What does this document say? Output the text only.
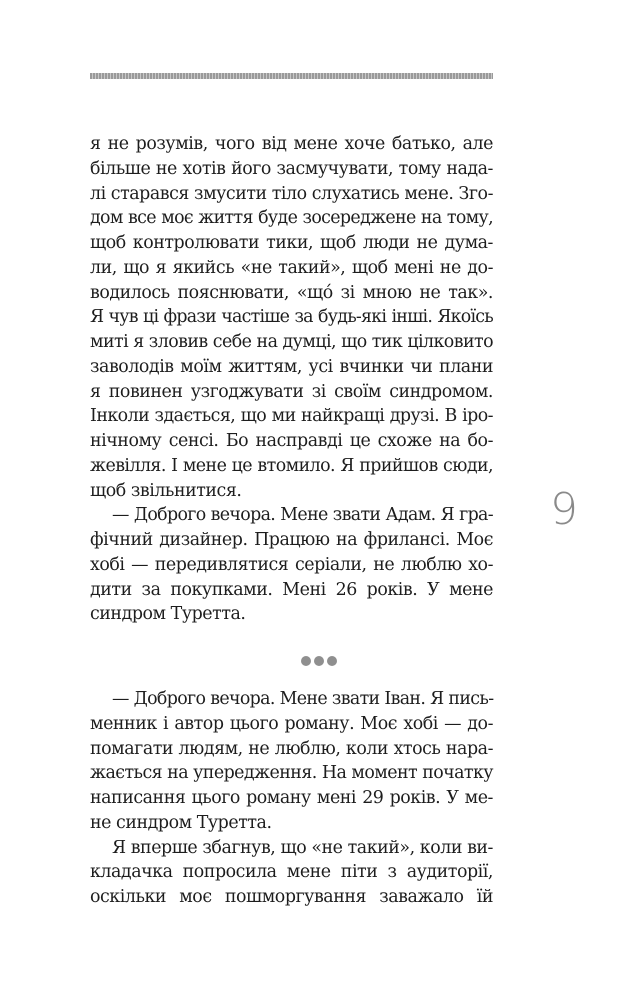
я не розумів, чого від мене хоче батько, але
більше не хотів його засмучувати, тому нада-
лі старався змусити тіло слухатись мене. Зго-
дом все моє життя буде зосереджене на тому,
щоб контролювати тики, щоб люди не дума-
ли, що я якийсь «не такий», щоб мені не до-
водилось пояснювати, «щó зі мною не так».
Я чув ці фрази частіше за будь-які інші. Якоїсь
миті я зловив себе на думці, що тик цілковито
заволодів моїм життям, усі вчинки чи плани
я повинен узгоджувати зі своїм синдромом.
Інколи здається, що ми найкращі друзі. В іро-
нічному сенсі. Бо насправді це схоже на бо-
жевілля. І мене це втомило. Я прийшов сюди,
щоб звільнитися.
— Доброго вечора. Мене звати Адам. Я гра-
фічний дизайнер. Працюю на фрилансі. Моє
хобі — передивлятися серіали, не люблю хо-
дити за покупками. Мені 26 років. У мене
синдром Туретта.
9
— Доброго вечора. Мене звати Іван. Я пись-
менник і автор цього роману. Моє хобі — до-
помагати людям, не люблю, коли хтось нара-
жається на упередження. На момент початку
написання цього роману мені 29 років. У ме-
не синдром Туретта.
Я вперше збагнув, що «не такий», коли ви-
кладачка попросила мене піти з аудиторії,
оскільки моє пошморгування заважало їй
